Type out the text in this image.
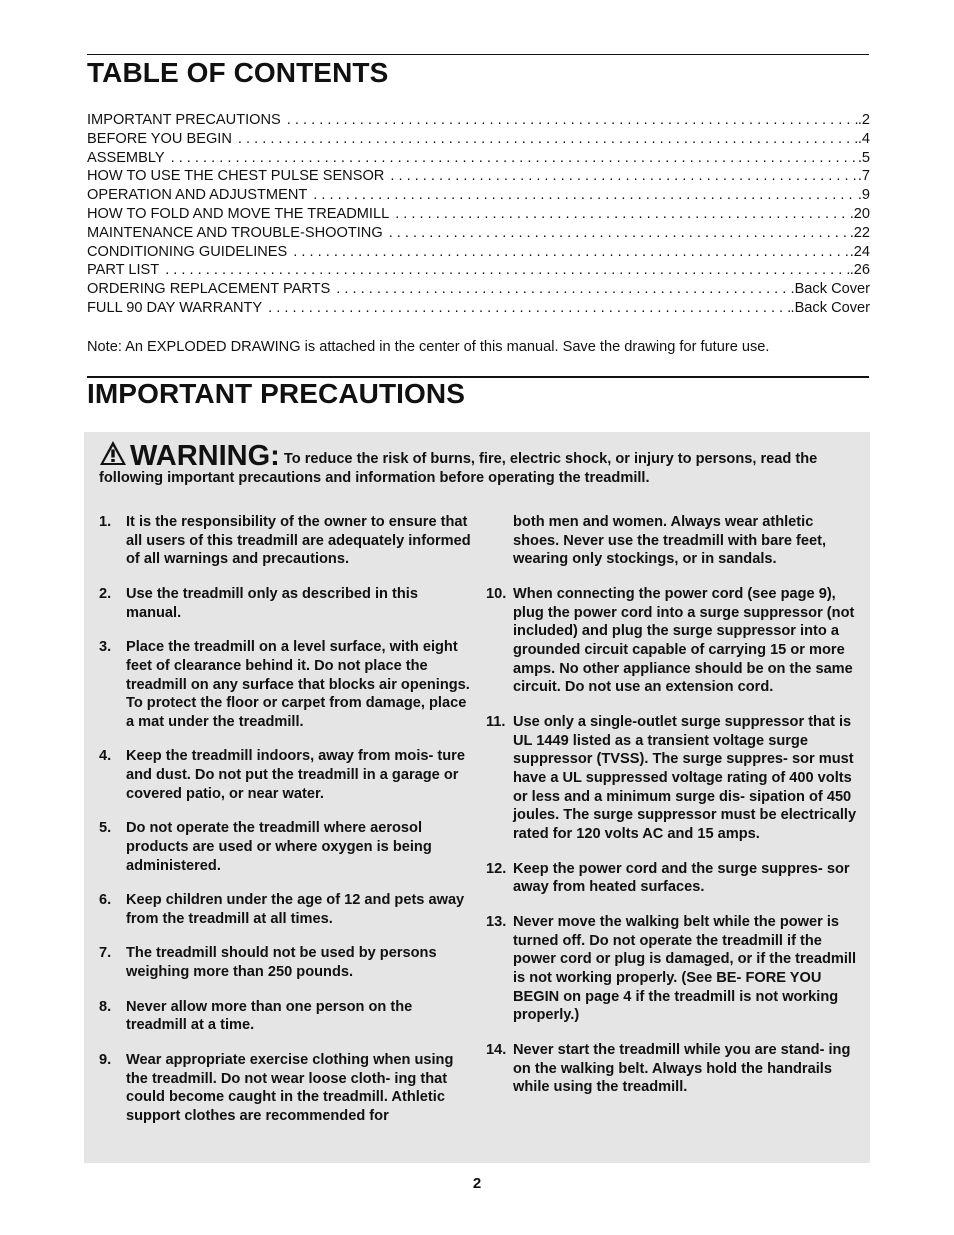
TABLE OF CONTENTS
IMPORTANT PRECAUTIONS . . .	.2
BEFORE YOU BEGIN . . .	.4
ASSEMBLY . . .	.5
HOW TO USE THE CHEST PULSE SENSOR . . .	.7
OPERATION AND ADJUSTMENT . . .	.9
HOW TO FOLD AND MOVE THE TREADMILL . . .	.20
MAINTENANCE AND TROUBLE-SHOOTING . . .	.22
CONDITIONING GUIDELINES . . .	.24
PART LIST . . .	.26
ORDERING REPLACEMENT PARTS . . .	.Back Cover
FULL 90 DAY WARRANTY . . .	.Back Cover

Note: An EXPLODED DRAWING is attached in the center of this manual. Save the drawing for future use.

IMPORTANT PRECAUTIONS

WARNING: To reduce the risk of burns, fire, electric shock, or injury to persons, read the following important precautions and information before operating the treadmill.

1. It is the responsibility of the owner to ensure that all users of this treadmill are adequately informed of all warnings and precautions.
2. Use the treadmill only as described in this manual.
3. Place the treadmill on a level surface, with eight feet of clearance behind it. Do not place the treadmill on any surface that blocks air openings. To protect the floor or carpet from damage, place a mat under the treadmill.
4. Keep the treadmill indoors, away from mois- ture and dust. Do not put the treadmill in a garage or covered patio, or near water.
5. Do not operate the treadmill where aerosol products are used or where oxygen is being administered.
6. Keep children under the age of 12 and pets away from the treadmill at all times.
7. The treadmill should not be used by persons weighing more than 250 pounds.
8. Never allow more than one person on the treadmill at a time.
9. Wear appropriate exercise clothing when using the treadmill. Do not wear loose cloth- ing that could become caught in the treadmill. Athletic support clothes are recommended for
both men and women. Always wear athletic shoes. Never use the treadmill with bare feet, wearing only stockings, or in sandals.
10. When connecting the power cord (see page 9), plug the power cord into a surge suppressor (not included) and plug the surge suppressor into a grounded circuit capable of carrying 15 or more amps. No other appliance should be on the same circuit. Do not use an extension cord.
11. Use only a single-outlet surge suppressor that is UL 1449 listed as a transient voltage surge suppressor (TVSS). The surge suppres- sor must have a UL suppressed voltage rating of 400 volts or less and a minimum surge dis- sipation of 450 joules. The surge suppressor must be electrically rated for 120 volts AC and 15 amps.
12. Keep the power cord and the surge suppres- sor away from heated surfaces.
13. Never move the walking belt while the power is turned off. Do not operate the treadmill if the power cord or plug is damaged, or if the treadmill is not working properly. (See BE- FORE YOU BEGIN on page 4 if the treadmill is not working properly.)
14. Never start the treadmill while you are stand- ing on the walking belt. Always hold the handrails while using the treadmill.

2
